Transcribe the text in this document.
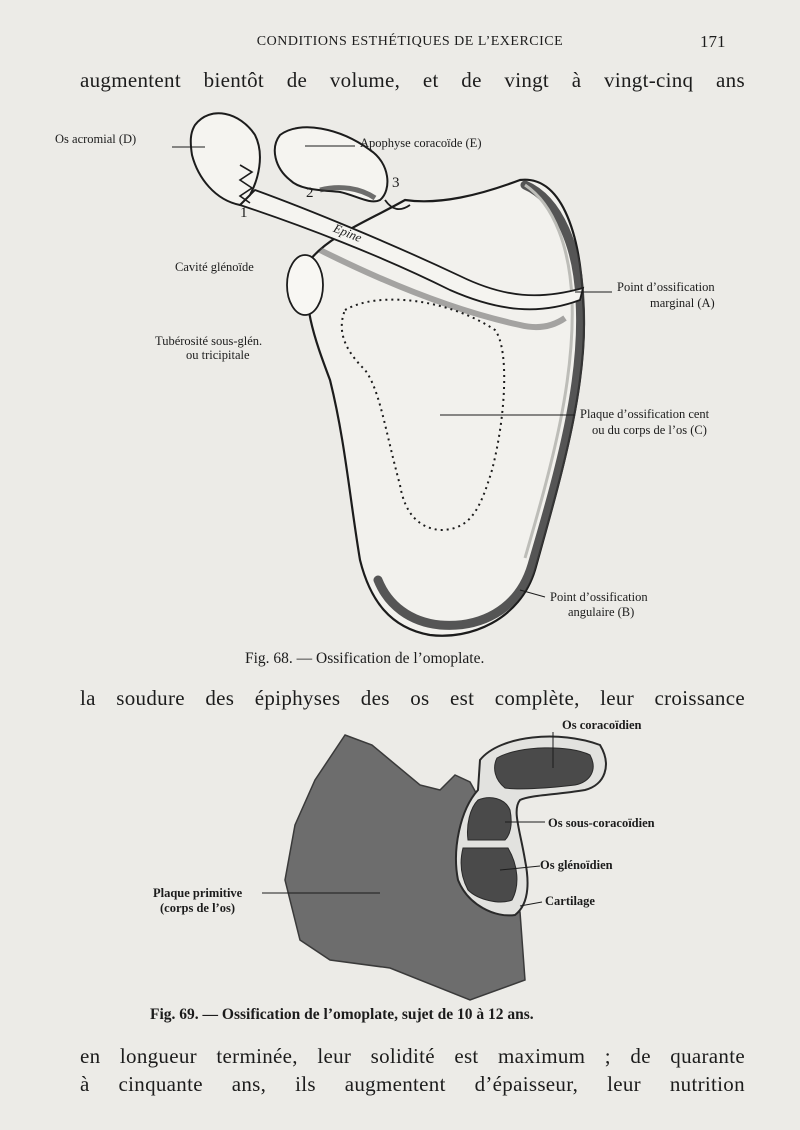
CONDITIONS ESTHÉTIQUES DE L’EXERCICE	171
augmentent bientôt de volume, et de vingt à vingt-cinq ans
Os acromial (D)	Apophyse coracoïde (E)
1
2
3
Épine
Cavité glénoïde
Tubérosité sous-glén.
ou tricipitale
Point d’ossification
marginal (A)
Plaque d’ossification cent
ou du corps de l’os (C)
Point d’ossification
angulaire (B)
Fig. 68. — Ossification de l’omoplate.
la soudure des épiphyses des os est complète, leur croissance
Os coracoïdien
Os sous-coracoïdien
Os glénoïdien
Cartilage
Plaque primitive
(corps de l’os)
Fig. 69. — Ossification de l’omoplate, sujet de 10 à 12 ans.
en longueur terminée, leur solidité est maximum ; de quarante
à cinquante ans, ils augmentent d’épaisseur, leur nutrition
